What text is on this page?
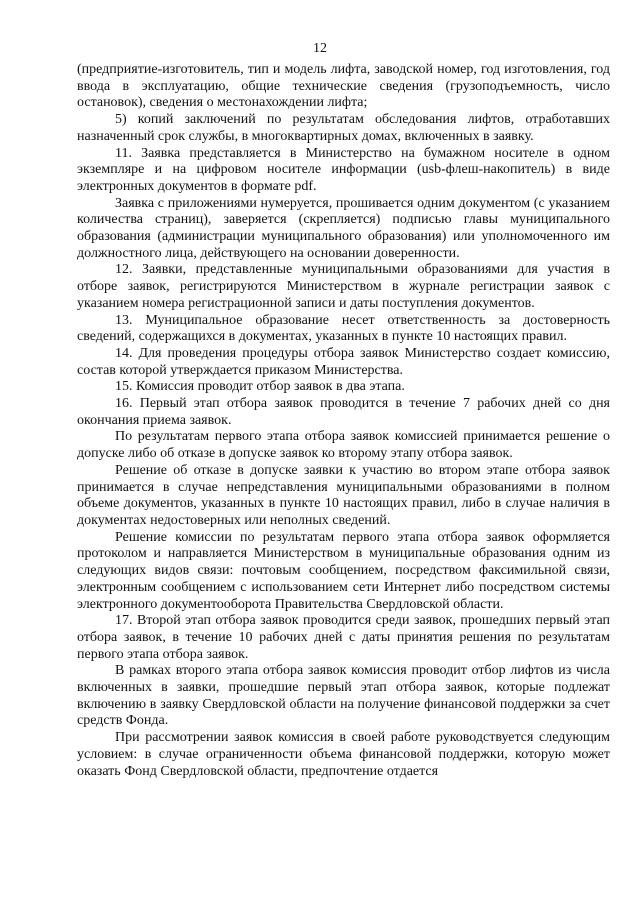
12

(предприятие-изготовитель, тип и модель лифта, заводской номер, год изготовления, год ввода в эксплуатацию, общие технические сведения (грузоподъемность, число остановок), сведения о местонахождении лифта;

5) копий заключений по результатам обследования лифтов, отработавших назначенный срок службы, в многоквартирных домах, включенных в заявку.

11. Заявка представляется в Министерство на бумажном носителе в одном экземпляре и на цифровом носителе информации (usb-флеш-накопитель) в виде электронных документов в формате pdf.

Заявка с приложениями нумеруется, прошивается одним документом (с указанием количества страниц), заверяется (скрепляется) подписью главы муниципального образования (администрации муниципального образования) или уполномоченного им должностного лица, действующего на основании доверенности.

12. Заявки, представленные муниципальными образованиями для участия в отборе заявок, регистрируются Министерством в журнале регистрации заявок с указанием номера регистрационной записи и даты поступления документов.

13. Муниципальное образование несет ответственность за достоверность сведений, содержащихся в документах, указанных в пункте 10 настоящих правил.

14. Для проведения процедуры отбора заявок Министерство создает комиссию, состав которой утверждается приказом Министерства.

15. Комиссия проводит отбор заявок в два этапа.

16. Первый этап отбора заявок проводится в течение 7 рабочих дней со дня окончания приема заявок.

По результатам первого этапа отбора заявок комиссией принимается решение о допуске либо об отказе в допуске заявок ко второму этапу отбора заявок.

Решение об отказе в допуске заявки к участию во втором этапе отбора заявок принимается в случае непредставления муниципальными образованиями в полном объеме документов, указанных в пункте 10 настоящих правил, либо в случае наличия в документах недостоверных или неполных сведений.

Решение комиссии по результатам первого этапа отбора заявок оформляется протоколом и направляется Министерством в муниципальные образования одним из следующих видов связи: почтовым сообщением, посредством факсимильной связи, электронным сообщением с использованием сети Интернет либо посредством системы электронного документооборота Правительства Свердловской области.

17. Второй этап отбора заявок проводится среди заявок, прошедших первый этап отбора заявок, в течение 10 рабочих дней с даты принятия решения по результатам первого этапа отбора заявок.

В рамках второго этапа отбора заявок комиссия проводит отбор лифтов из числа включенных в заявки, прошедшие первый этап отбора заявок, которые подлежат включению в заявку Свердловской области на получение финансовой поддержки за счет средств Фонда.

При рассмотрении заявок комиссия в своей работе руководствуется следующим условием: в случае ограниченности объема финансовой поддержки, которую может оказать Фонд Свердловской области, предпочтение отдается
